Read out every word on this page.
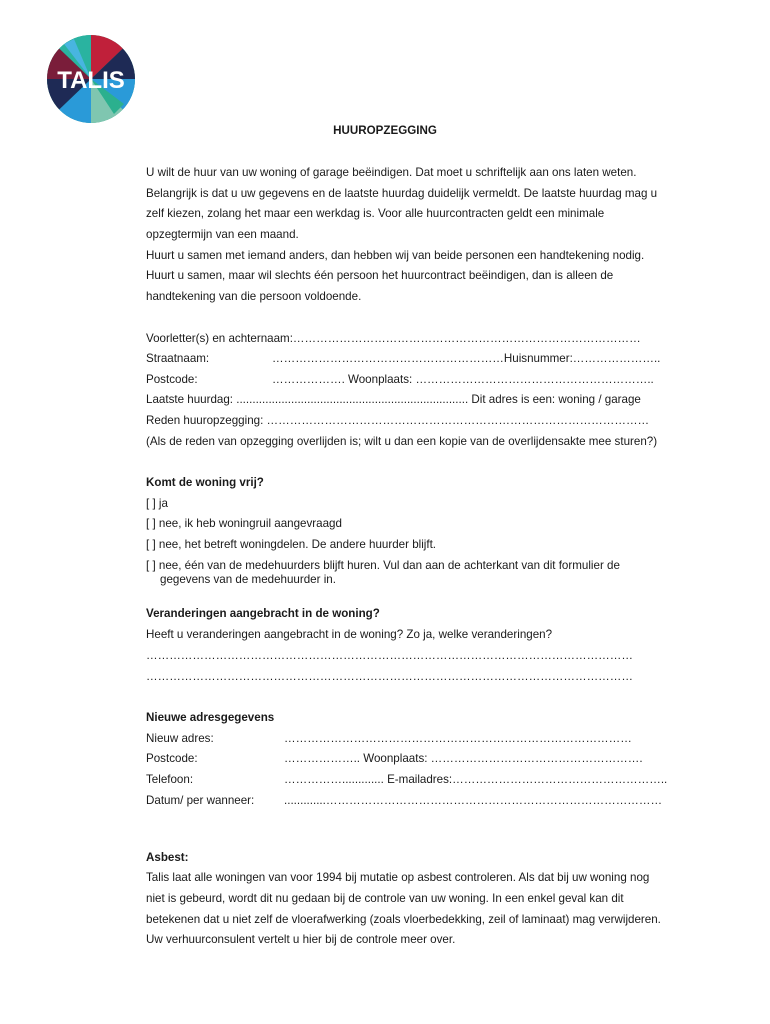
TALIS
HUUROPZEGGING
U wilt de huur van uw woning of garage beëindigen. Dat moet u schriftelijk aan ons laten weten.
Belangrijk is dat u uw gegevens en de laatste huurdag duidelijk vermeldt. De laatste huurdag mag u
zelf kiezen, zolang het maar een werkdag is. Voor alle huurcontracten geldt een minimale
opzegtermijn van een maand.
Huurt u samen met iemand anders, dan hebben wij van beide personen een handtekening nodig.
Huurt u samen, maar wil slechts één persoon het huurcontract beëindigen, dan is alleen de
handtekening van die persoon voldoende.
Voorletter(s) en achternaam:………………………………………………………………………………
Straatnaam:	……………………………………………………Huisnummer:…………………..
Postcode:	………………. Woonplaats: ……………………………………………………..
Laatste huurdag: ........................................................................ Dit adres is een: woning / garage
Reden huuropzegging: ………………………………………………………………………………………
(Als de reden van opzegging overlijden is; wilt u dan een kopie van de overlijdensakte mee sturen?)
Komt de woning vrij?
[ ] ja
[ ] nee, ik heb woningruil aangevraagd
[ ] nee, het betreft woningdelen. De andere huurder blijft.
[ ] nee, één van de medehuurders blijft huren. Vul dan aan de achterkant van dit formulier de
gegevens van de medehuurder in.
Veranderingen aangebracht in de woning?
Heeft u veranderingen aangebracht in de woning? Zo ja, welke veranderingen?
………………………………………………………………………………………………………………
………………………………………………………………………………………………………………
Nieuwe adresgegevens
Nieuw adres:	………………………………………………………………………………
Postcode:	……………….. Woonplaats: ……………………………………………….
Telefoon:	……………............. E-mailadres:………………………………………………..
Datum/ per wanneer:	.............……………………………………………………………………………
Asbest:
Talis laat alle woningen van voor 1994 bij mutatie op asbest controleren. Als dat bij uw woning nog
niet is gebeurd, wordt dit nu gedaan bij de controle van uw woning. In een enkel geval kan dit
betekenen dat u niet zelf de vloerafwerking (zoals vloerbedekking, zeil of laminaat) mag verwijderen.
Uw verhuurconsulent vertelt u hier bij de controle meer over.
